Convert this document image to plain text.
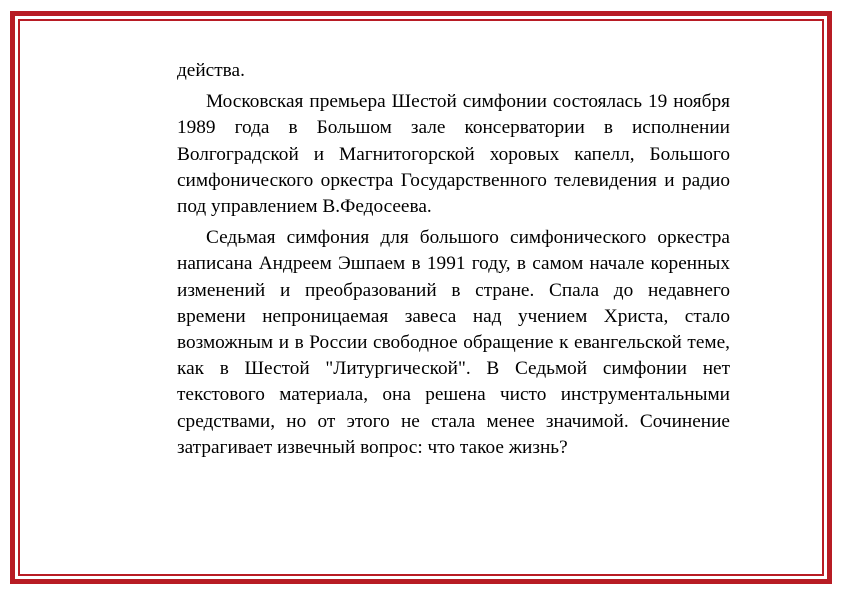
действа.

Московская премьера Шестой симфонии состоялась 19 ноября 1989 года в Большом зале консерватории в исполнении Волгоградской и Магнитогорской хоровых капелл, Большого симфонического оркестра Государственного телевидения и радио под управлением В.Федосеева.

Седьмая симфония для большого симфонического оркестра написана Андреем Эшпаем в 1991 году, в самом начале коренных изменений и преобразований в стране. Спала до недавнего времени непроницаемая завеса над учением Христа, стало возможным и в России свободное обращение к евангельской теме, как в Шестой "Литургической". В Седьмой симфонии нет текстового материала, она решена чисто инструментальными средствами, но от этого не стала менее значимой. Сочинение затрагивает извечный вопрос: что такое жизнь?
